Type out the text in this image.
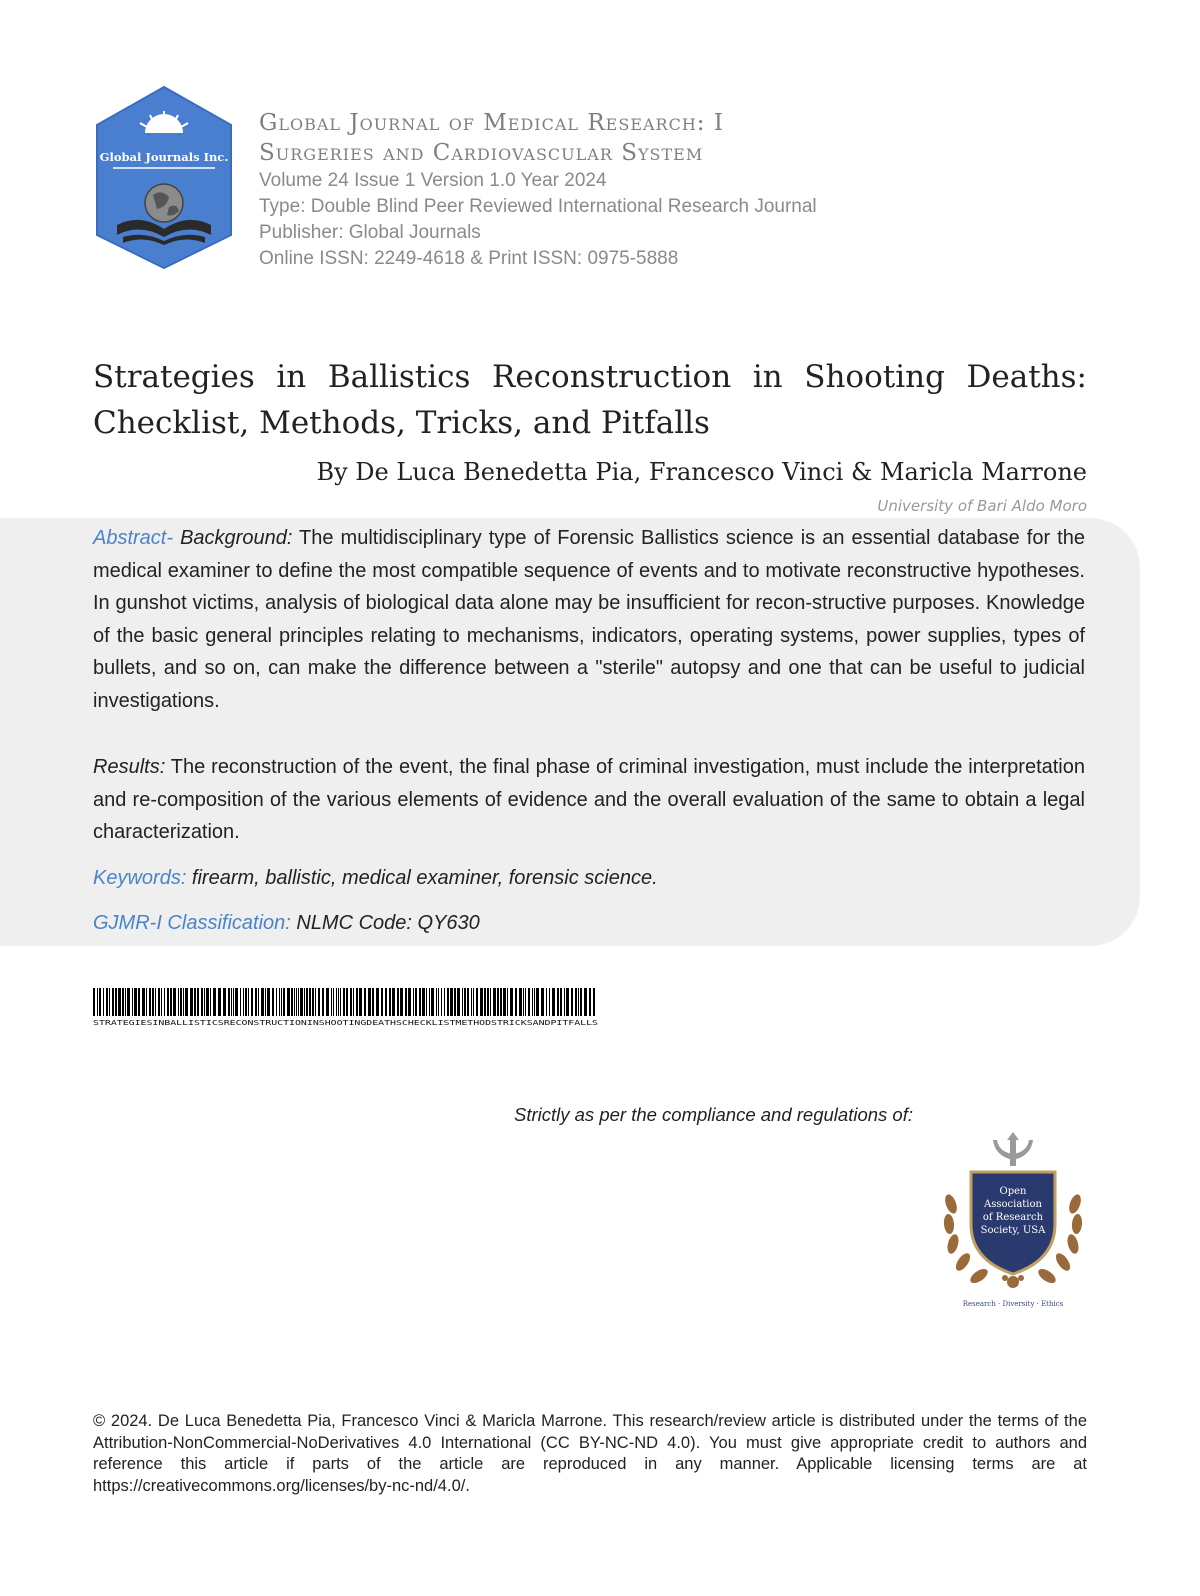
Global Journals Inc.
Global Journal of Medical Research: I
Surgeries and Cardiovascular System
Volume 24 Issue 1 Version 1.0 Year 2024
Type: Double Blind Peer Reviewed International Research Journal
Publisher: Global Journals
Online ISSN: 2249-4618 & Print ISSN: 0975-5888
Strategies in Ballistics Reconstruction in Shooting Deaths: Checklist, Methods, Tricks, and Pitfalls
By De Luca Benedetta Pia, Francesco Vinci & Maricla Marrone
University of Bari Aldo Moro

Abstract- Background: The multidisciplinary type of Forensic Ballistics science is an essential database for the medical examiner to define the most compatible sequence of events and to motivate reconstructive hypotheses. In gunshot victims, analysis of biological data alone may be insufficient for recon-structive purposes. Knowledge of the basic general principles relating to mechanisms, indicators, operating systems, power supplies, types of bullets, and so on, can make the difference between a "sterile" autopsy and one that can be useful to judicial investigations.

Results: The reconstruction of the event, the final phase of criminal investigation, must include the interpretation and re-composition of the various elements of evidence and the overall evaluation of the same to obtain a legal characterization.

Keywords: firearm, ballistic, medical examiner, forensic science.

GJMR-I Classification: NLMC Code: QY630

STRATEGIESINBALLISTICSRECONSTRUCTIONINSHOOTINGDEATHSCHECKLISTMETHODSTRICKSANDPITFALLS
Strictly as per the compliance and regulations of:
Open
Association
of Research
Society, USA
Research · Diversity · Ethics
© 2024. De Luca Benedetta Pia, Francesco Vinci & Maricla Marrone. This research/review article is distributed under the terms of the Attribution-NonCommercial-NoDerivatives 4.0 International (CC BY-NC-ND 4.0). You must give appropriate credit to authors and reference this article if parts of the article are reproduced in any manner. Applicable licensing terms are at https://creativecommons.org/licenses/by-nc-nd/4.0/.
